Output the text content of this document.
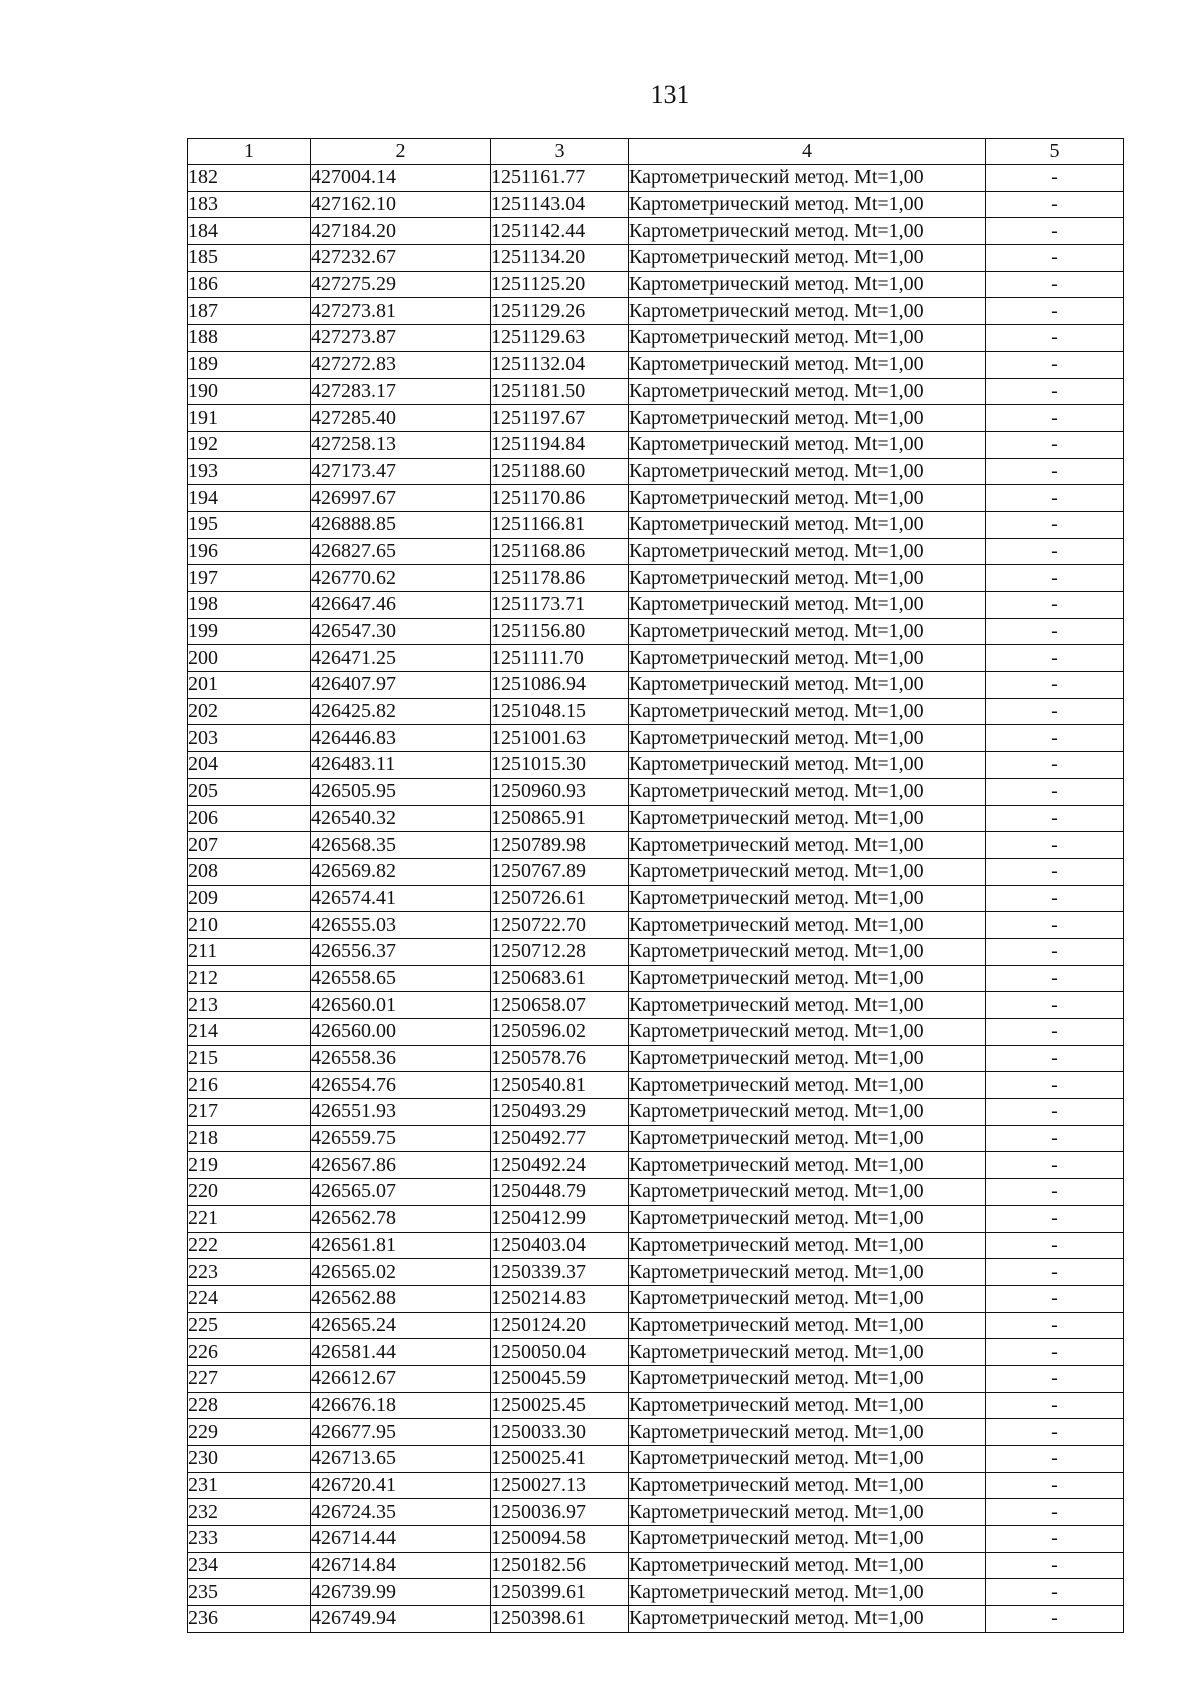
131
1	2	3	4	5
182	427004.14	1251161.77	Картометрический метод. Mt=1,00	-
183	427162.10	1251143.04	Картометрический метод. Mt=1,00	-
184	427184.20	1251142.44	Картометрический метод. Mt=1,00	-
185	427232.67	1251134.20	Картометрический метод. Mt=1,00	-
186	427275.29	1251125.20	Картометрический метод. Mt=1,00	-
187	427273.81	1251129.26	Картометрический метод. Mt=1,00	-
188	427273.87	1251129.63	Картометрический метод. Mt=1,00	-
189	427272.83	1251132.04	Картометрический метод. Mt=1,00	-
190	427283.17	1251181.50	Картометрический метод. Mt=1,00	-
191	427285.40	1251197.67	Картометрический метод. Mt=1,00	-
192	427258.13	1251194.84	Картометрический метод. Mt=1,00	-
193	427173.47	1251188.60	Картометрический метод. Mt=1,00	-
194	426997.67	1251170.86	Картометрический метод. Mt=1,00	-
195	426888.85	1251166.81	Картометрический метод. Mt=1,00	-
196	426827.65	1251168.86	Картометрический метод. Mt=1,00	-
197	426770.62	1251178.86	Картометрический метод. Mt=1,00	-
198	426647.46	1251173.71	Картометрический метод. Mt=1,00	-
199	426547.30	1251156.80	Картометрический метод. Mt=1,00	-
200	426471.25	1251111.70	Картометрический метод. Mt=1,00	-
201	426407.97	1251086.94	Картометрический метод. Mt=1,00	-
202	426425.82	1251048.15	Картометрический метод. Mt=1,00	-
203	426446.83	1251001.63	Картометрический метод. Mt=1,00	-
204	426483.11	1251015.30	Картометрический метод. Mt=1,00	-
205	426505.95	1250960.93	Картометрический метод. Mt=1,00	-
206	426540.32	1250865.91	Картометрический метод. Mt=1,00	-
207	426568.35	1250789.98	Картометрический метод. Mt=1,00	-
208	426569.82	1250767.89	Картометрический метод. Mt=1,00	-
209	426574.41	1250726.61	Картометрический метод. Mt=1,00	-
210	426555.03	1250722.70	Картометрический метод. Mt=1,00	-
211	426556.37	1250712.28	Картометрический метод. Mt=1,00	-
212	426558.65	1250683.61	Картометрический метод. Mt=1,00	-
213	426560.01	1250658.07	Картометрический метод. Mt=1,00	-
214	426560.00	1250596.02	Картометрический метод. Mt=1,00	-
215	426558.36	1250578.76	Картометрический метод. Mt=1,00	-
216	426554.76	1250540.81	Картометрический метод. Mt=1,00	-
217	426551.93	1250493.29	Картометрический метод. Mt=1,00	-
218	426559.75	1250492.77	Картометрический метод. Mt=1,00	-
219	426567.86	1250492.24	Картометрический метод. Mt=1,00	-
220	426565.07	1250448.79	Картометрический метод. Mt=1,00	-
221	426562.78	1250412.99	Картометрический метод. Mt=1,00	-
222	426561.81	1250403.04	Картометрический метод. Mt=1,00	-
223	426565.02	1250339.37	Картометрический метод. Mt=1,00	-
224	426562.88	1250214.83	Картометрический метод. Mt=1,00	-
225	426565.24	1250124.20	Картометрический метод. Mt=1,00	-
226	426581.44	1250050.04	Картометрический метод. Mt=1,00	-
227	426612.67	1250045.59	Картометрический метод. Mt=1,00	-
228	426676.18	1250025.45	Картометрический метод. Mt=1,00	-
229	426677.95	1250033.30	Картометрический метод. Mt=1,00	-
230	426713.65	1250025.41	Картометрический метод. Mt=1,00	-
231	426720.41	1250027.13	Картометрический метод. Mt=1,00	-
232	426724.35	1250036.97	Картометрический метод. Mt=1,00	-
233	426714.44	1250094.58	Картометрический метод. Mt=1,00	-
234	426714.84	1250182.56	Картометрический метод. Mt=1,00	-
235	426739.99	1250399.61	Картометрический метод. Mt=1,00	-
236	426749.94	1250398.61	Картометрический метод. Mt=1,00	-
